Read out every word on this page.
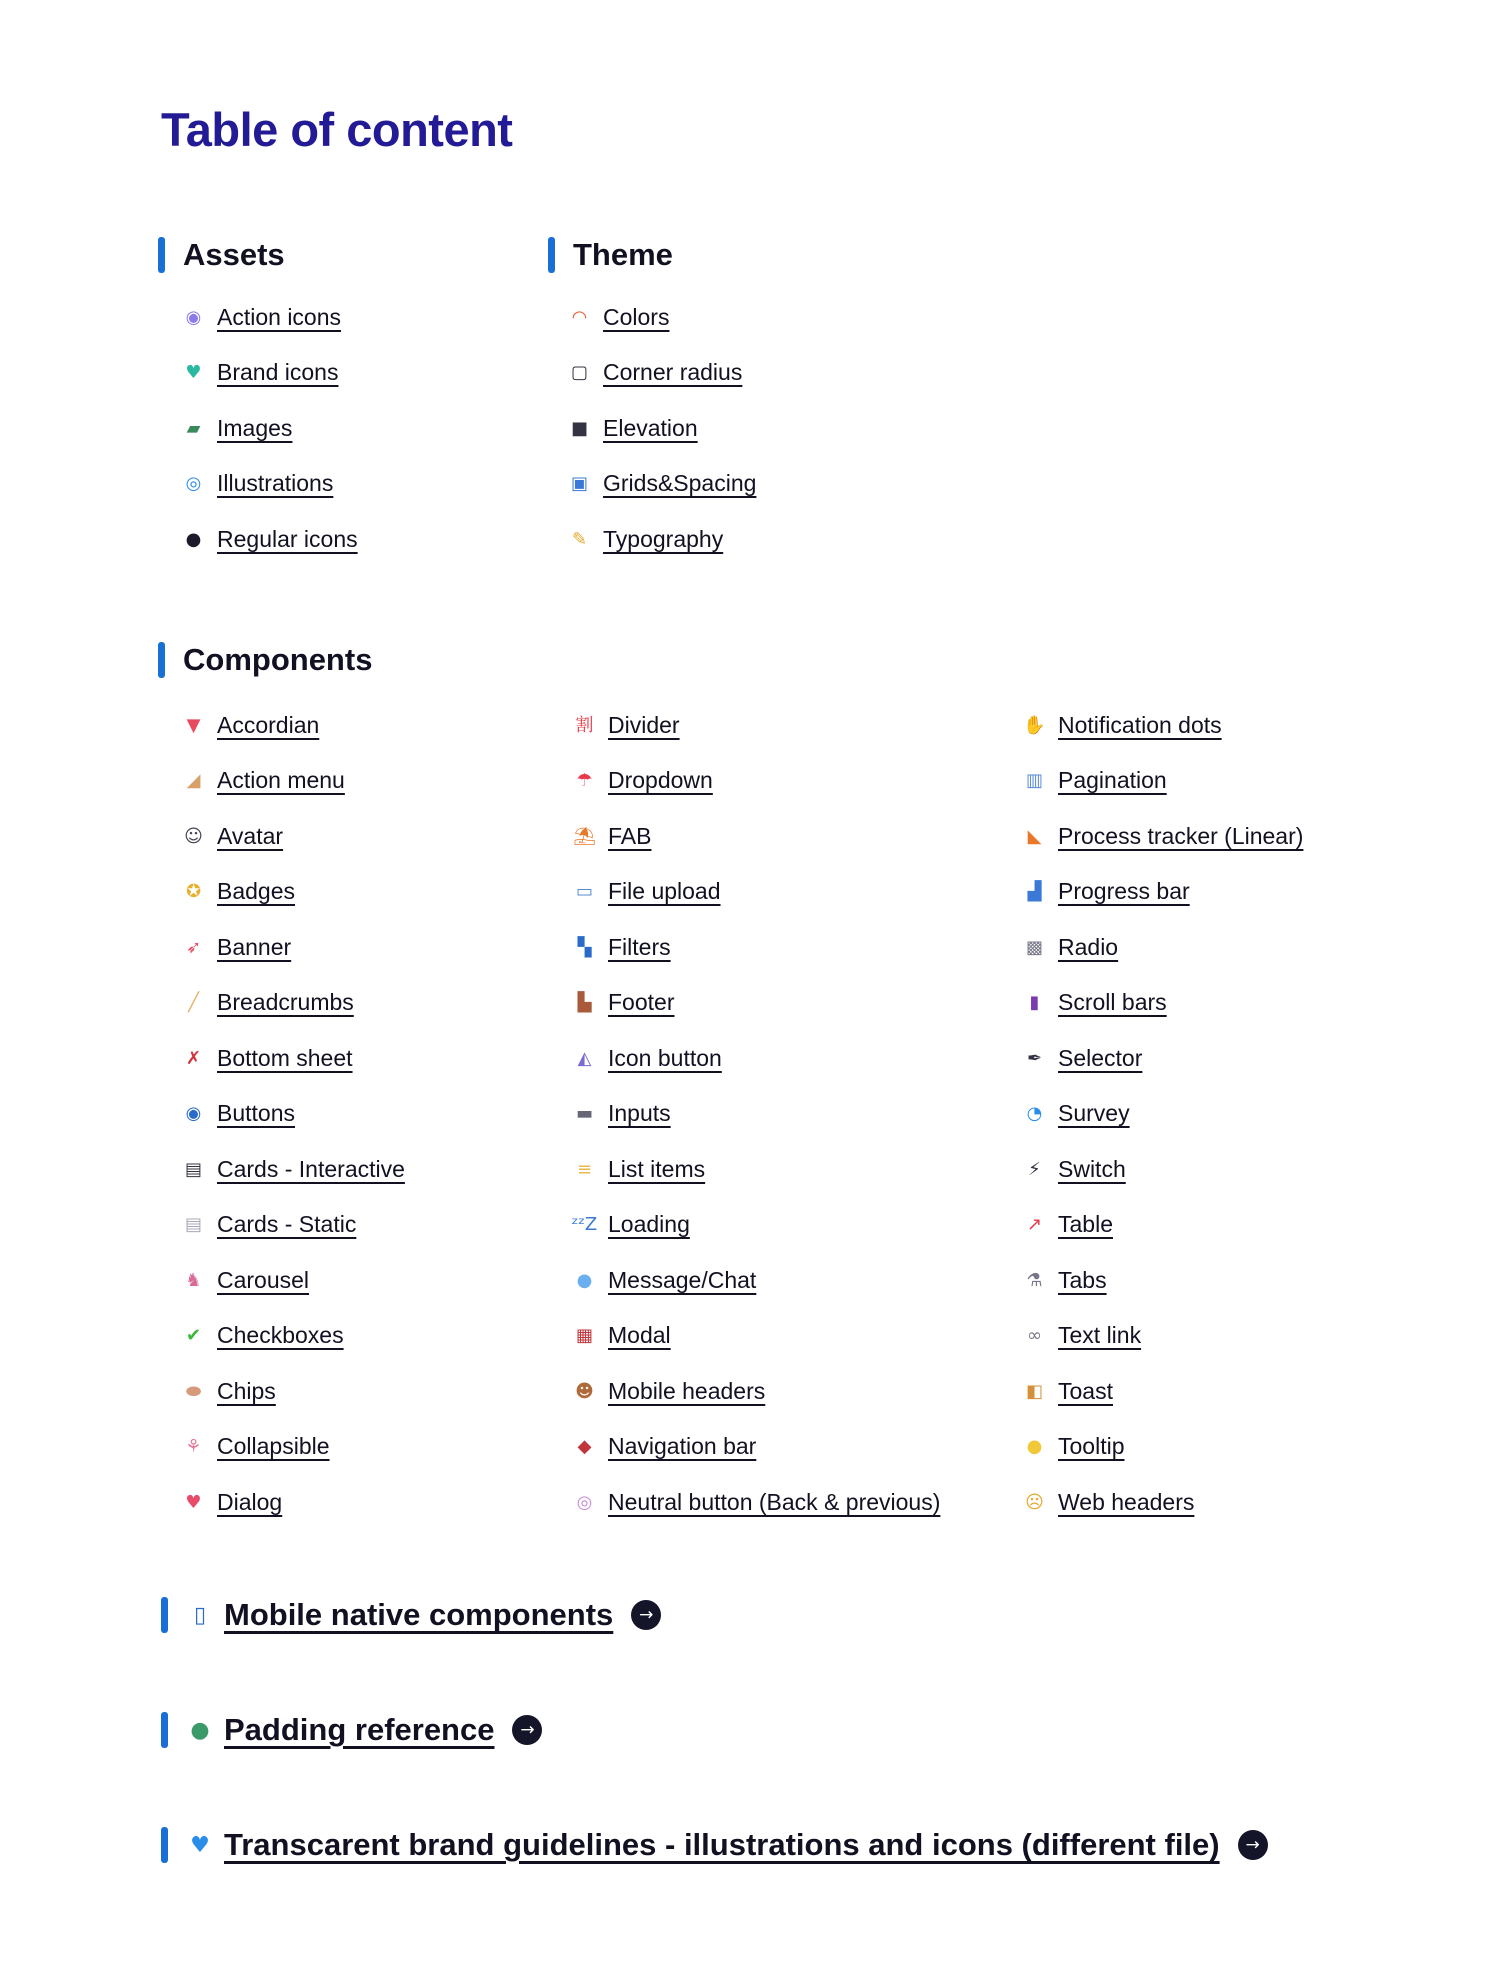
Table of content
Assets
◉ Action icons
♥ Brand icons
▰ Images
◎ Illustrations
● Regular icons
Theme
◠ Colors
▢ Corner radius
■ Elevation
▣ Grids&Spacing
✎ Typography
Components
▼ Accordian
◢ Action menu
☺ Avatar
✪ Badges
➶ Banner
╱ Breadcrumbs
✗ Bottom sheet
◉ Buttons
▤ Cards - Interactive
▤ Cards - Static
♞ Carousel
✔ Checkboxes
⬬ Chips
⚘ Collapsible
♥ Dialog
割 Divider
☂ Dropdown
⛱ FAB
▭ File upload
▚ Filters
▙ Footer
◭ Icon button
▬ Inputs
≡ List items
ᶻᶻZ Loading
● Message/Chat
▦ Modal
☻ Mobile headers
◆ Navigation bar
◎ Neutral button (Back & previous)
✋ Notification dots
▥ Pagination
◣ Process tracker (Linear)
▟ Progress bar
▩ Radio
▮ Scroll bars
✒ Selector
◔ Survey
⚡ Switch
↗ Table
⚗ Tabs
∞ Text link
◧ Toast
● Tooltip
☹ Web headers
▯ Mobile native components	→
● Padding reference	→
♥ Transcarent brand guidelines - illustrations and icons (different file)	→
